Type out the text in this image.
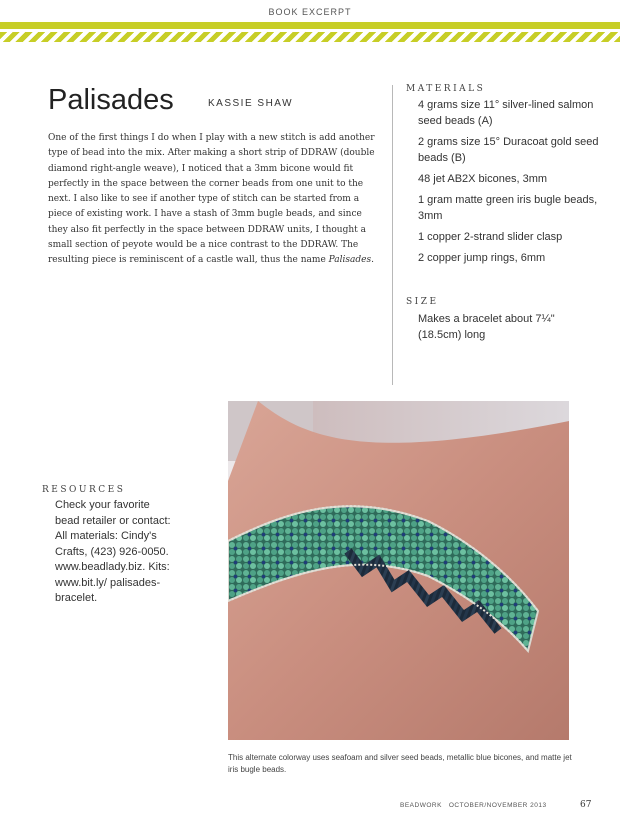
BOOK EXCERPT
Palisades	KASSIE SHAW
One of the first things I do when I play with a new stitch is add another type of bead into the mix. After making a short strip of DDRAW (double diamond right-angle weave), I noticed that a 3mm bicone would fit perfectly in the space between the corner beads from one unit to the next. I also like to see if another type of stitch can be started from a piece of existing work. I have a stash of 3mm bugle beads, and since they also fit perfectly in the space between DDRAW units, I thought a small section of peyote would be a nice contrast to the DDRAW. The resulting piece is reminiscent of a castle wall, thus the name Palisades.
MATERIALS
4 grams size 11° silver-lined salmon seed beads (A)
2 grams size 15° Duracoat gold seed beads (B)
48 jet AB2X bicones, 3mm
1 gram matte green iris bugle beads, 3mm
1 copper 2-strand slider clasp
2 copper jump rings, 6mm
SIZE
Makes a bracelet about 7¼" (18.5cm) long
RESOURCES
Check your favorite bead retailer or contact: All materials: Cindy's Crafts, (423) 926-0050. www.beadlady.biz. Kits: www.bit.ly/ palisades-bracelet.
This alternate colorway uses seafoam and silver seed beads, metallic blue bicones, and matte jet iris bugle beads.
BEADWORK OCTOBER/NOVEMBER 2013	67
